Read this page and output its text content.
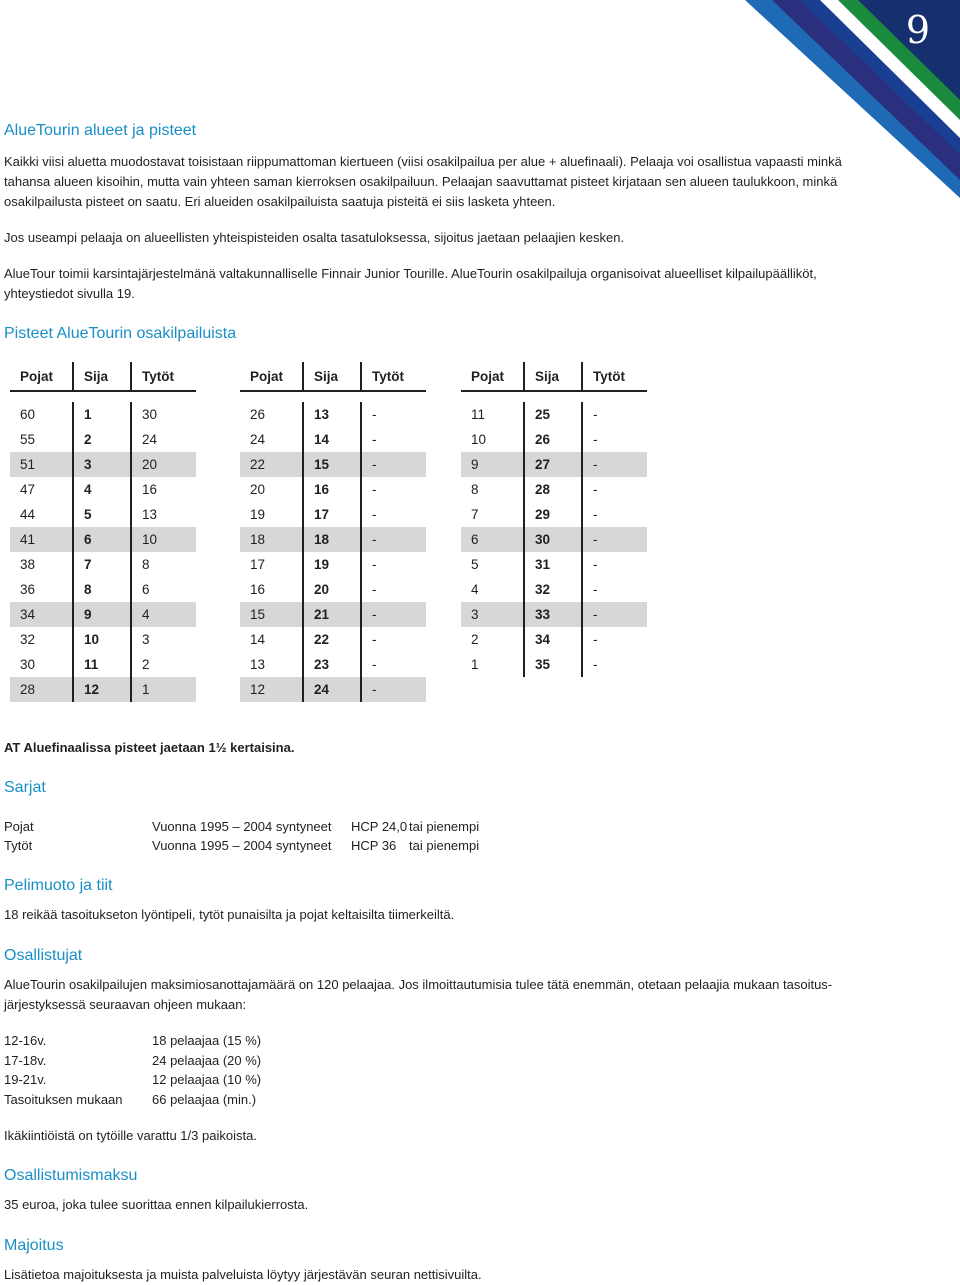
9
AlueTourin alueet ja pisteet

Kaikki viisi aluetta muodostavat toisistaan riippumattoman kiertueen (viisi osakilpailua per alue + aluefinaali). Pelaaja voi osallistua vapaasti minkä tahansa alueen kisoihin, mutta vain yhteen saman kierroksen osakilpailuun. Pelaajan saavuttamat pisteet kirjataan sen alueen taulukkoon, minkä osakilpailusta pisteet on saatu. Eri alueiden osakilpailuista saatuja pisteitä ei siis lasketa yhteen.

Jos useampi pelaaja on alueellisten yhteispisteiden osalta tasatuloksessa, sijoitus jaetaan pelaajien kesken.

AlueTour toimii karsintajärjestelmänä valtakunnalliselle Finnair Junior Tourille. AlueTourin osakilpailuja organisoivat alueelliset kilpailupäälliköt, yhteystiedot sivulla 19.

Pisteet AlueTourin osakilpailuista
Pojat	Sija	Tytöt

60	1	30
55	2	24
51	3	20
47	4	16
44	5	13
41	6	10
38	7	8
36	8	6
34	9	4
32	10	3
30	11	2
28	12	1
Pojat	Sija	Tytöt

26	13	-
24	14	-
22	15	-
20	16	-
19	17	-
18	18	-
17	19	-
16	20	-
15	21	-
14	22	-
13	23	-
12	24	-
Pojat	Sija	Tytöt

11	25	-
10	26	-
9	27	-
8	28	-
7	29	-
6	30	-
5	31	-
4	32	-
3	33	-
2	34	-
1	35	-

AT Aluefinaalissa pisteet jaetaan 1½ kertaisina.

Sarjat
Pojat	Vuonna 1995 – 2004 syntyneet HCP 24,0 tai pienempi
Tytöt	Vuonna 1995 – 2004 syntyneet HCP 36 tai pienempi
Pelimuoto ja tiit

18 reikää tasoitukseton lyöntipeli, tytöt punaisilta ja pojat keltaisilta tiimerkeiltä.

Osallistujat

AlueTourin osakilpailujen maksimiosanottajamäärä on 120 pelaajaa. Jos ilmoittautumisia tulee tätä enemmän, otetaan pelaajia mukaan tasoitus-järjestyksessä seuraavan ohjeen mukaan:

12-16v.	18 pelaajaa (15 %)
17-18v.	24 pelaajaa (20 %)
19-21v.	12 pelaajaa (10 %)
Tasoituksen mukaan 66 pelaajaa (min.)

Ikäkiintiöistä on tytöille varattu 1/3 paikoista.

Osallistumismaksu

35 euroa, joka tulee suorittaa ennen kilpailukierrosta.

Majoitus

Lisätietoa majoituksesta ja muista palveluista löytyy järjestävän seuran nettisivuilta.
